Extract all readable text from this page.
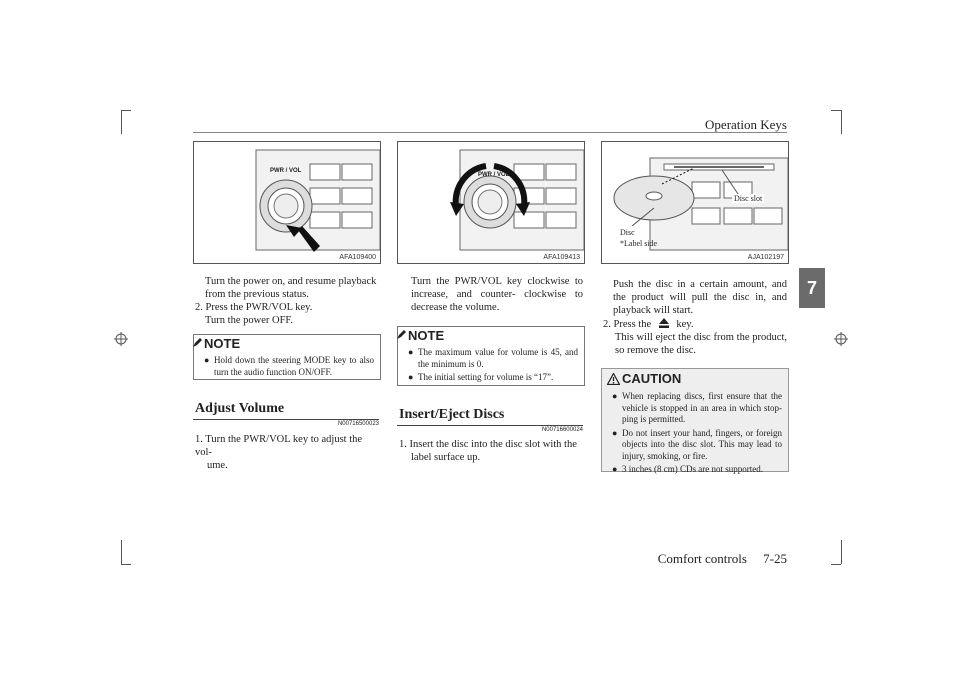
Operation Keys
7
PWR / VOL
AFA109400
PWR / VOL
AFA109413
Disc slot
Disc
*Label side
AJA102197
Turn the power on, and resume playback
from the previous status.
2. Press the PWR/VOL key.
Turn the power OFF.
NOTE
● Hold down the steering MODE key to also turn the audio function ON/OFF.
Adjust Volume
N00716500023
1. Turn the PWR/VOL key to adjust the vol-
ume.
Turn the PWR/VOL key clockwise to increase, and counter- clockwise to decrease the volume.
NOTE
● The maximum value for volume is 45, and the minimum is 0.
● The initial setting for volume is “17”.
Insert/Eject Discs
N00716600024
1. Insert the disc into the disc slot with the
label surface up.
Push the disc in a certain amount, and the product will pull the disc in, and playback will start.
2. Press the key.
This will eject the disc from the product, so remove the disc.
CAUTION
● When replacing discs, first ensure that the vehicle is stopped in an area in which stop-ping is permitted.
● Do not insert your hand, fingers, or foreign objects into the disc slot. This may lead to injury, smoking, or fire.
● 3 inches (8 cm) CDs are not supported.
Comfort controls     7-25
